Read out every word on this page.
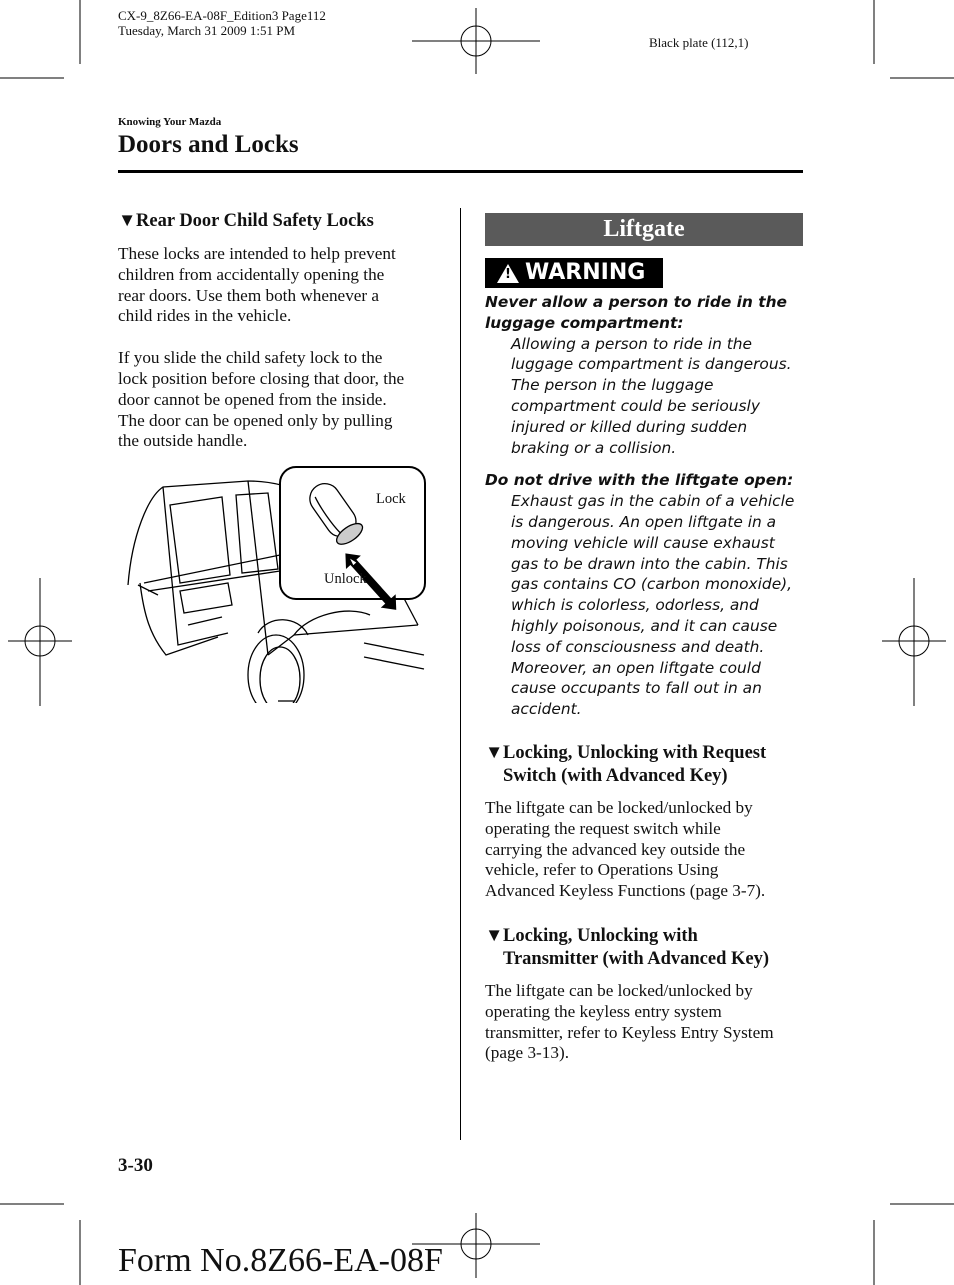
CX-9_8Z66-EA-08F_Edition3 Page112
Tuesday, March 31 2009 1:51 PM
Black plate (112,1)
Knowing Your Mazda
Doors and Locks
▼Rear Door Child Safety Locks

These locks are intended to help prevent
children from accidentally opening the
rear doors. Use them both whenever a
child rides in the vehicle.

If you slide the child safety lock to the
lock position before closing that door, the
door cannot be opened from the inside.
The door can be opened only by pulling
the outside handle.

Lock
Unlock
Liftgate
! WARNING

Never allow a person to ride in the
luggage compartment:

Allowing a person to ride in the
luggage compartment is dangerous.
The person in the luggage
compartment could be seriously
injured or killed during sudden
braking or a collision.

Do not drive with the liftgate open:

Exhaust gas in the cabin of a vehicle
is dangerous. An open liftgate in a
moving vehicle will cause exhaust
gas to be drawn into the cabin. This
gas contains CO (carbon monoxide),
which is colorless, odorless, and
highly poisonous, and it can cause
loss of consciousness and death.
Moreover, an open liftgate could
cause occupants to fall out in an
accident.

▼Locking, Unlocking with Request
Switch (with Advanced Key)

The liftgate can be locked/unlocked by
operating the request switch while
carrying the advanced key outside the
vehicle, refer to Operations Using
Advanced Keyless Functions (page 3-7).

▼Locking, Unlocking with
Transmitter (with Advanced Key)

The liftgate can be locked/unlocked by
operating the keyless entry system
transmitter, refer to Keyless Entry System
(page 3-13).

3-30
Form No.8Z66-EA-08F
